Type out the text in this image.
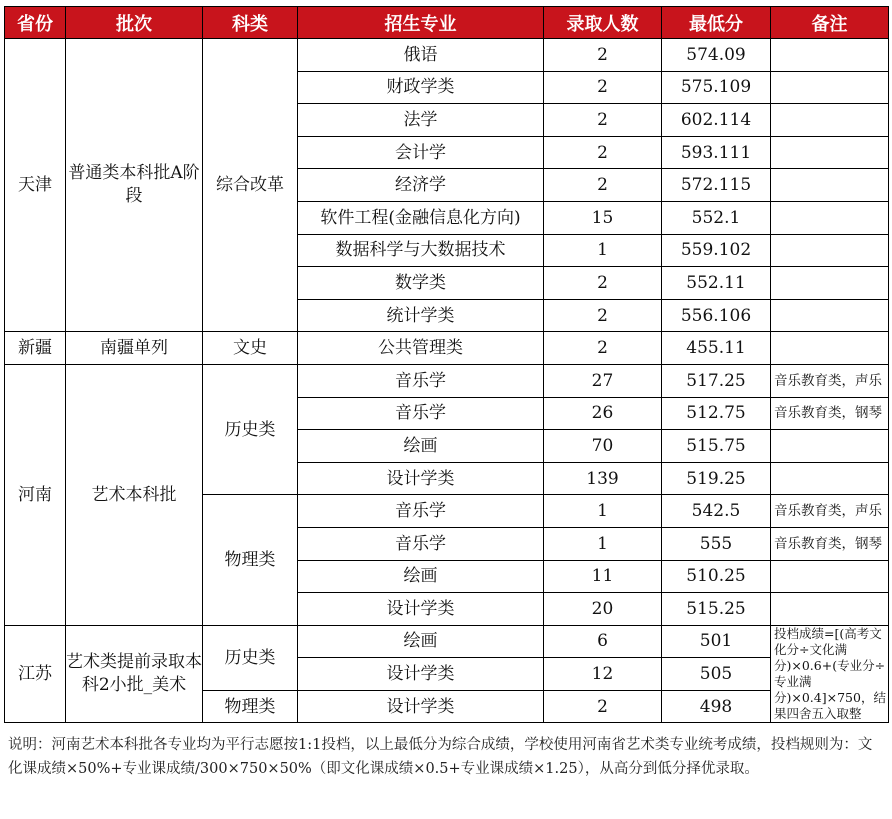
省份	批次	科类	招生专业	录取人数	最低分	备注
天津	普通类本科批A阶段	综合改革	俄语	2	574.09	
			财政学类	2	575.109	
			法学	2	602.114	
			会计学	2	593.111	
			经济学	2	572.115	
			软件工程(金融信息化方向)	15	552.1	
			数据科学与大数据技术	1	559.102	
			数学类	2	552.11	
			统计学类	2	556.106	
新疆	南疆单列	文史	公共管理类	2	455.11	
河南	艺术本科批	历史类	音乐学	27	517.25	音乐教育类，声乐
			音乐学	26	512.75	音乐教育类，钢琴
			绘画	70	515.75	
			设计学类	139	519.25	
		物理类	音乐学	1	542.5	音乐教育类，声乐
			音乐学	1	555	音乐教育类，钢琴
			绘画	11	510.25	
			设计学类	20	515.25	
江苏	艺术类提前录取本科2小批_美术	历史类	绘画	6	501	投档成绩=[(高考文化分÷文化满分)×0.6+(专业分÷专业满分)×0.4]×750，结果四舍五入取整
			设计学类	12	505	
		物理类	设计学类	2	498	

说明：河南艺术本科批各专业均为平行志愿按1:1投档，以上最低分为综合成绩，学校使用河南省艺术类专业统考成绩，投档规则为：文化课成绩×50%+专业课成绩/300×750×50%（即文化课成绩×0.5+专业课成绩×1.25），从高分到低分择优录取。
